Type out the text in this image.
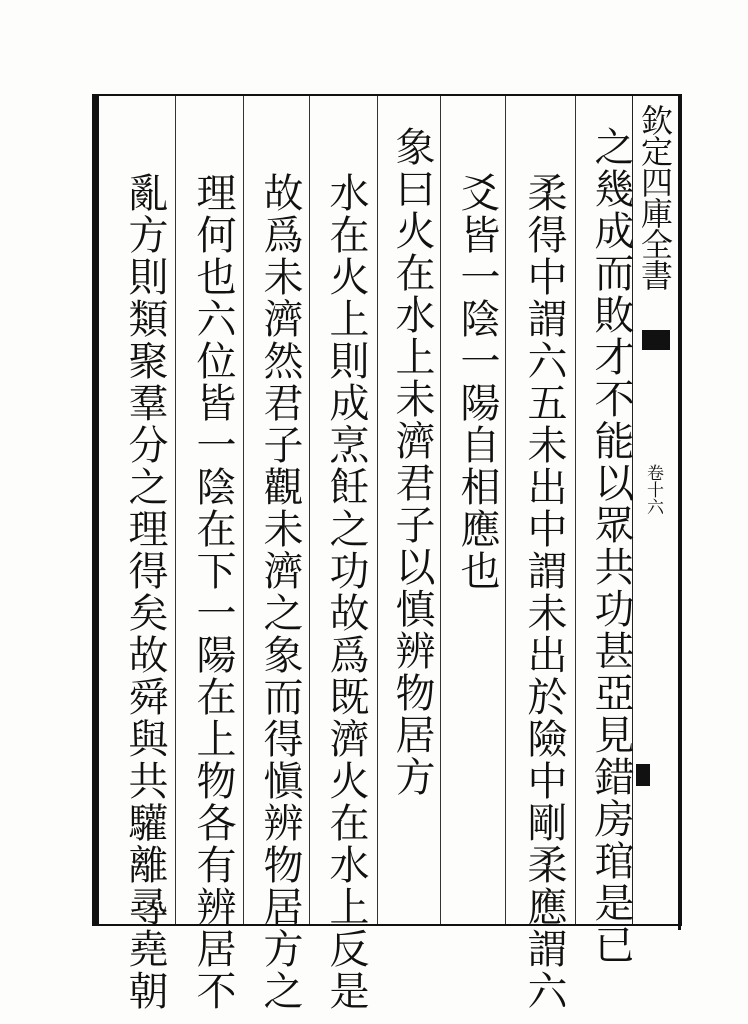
欽定四庫全書
卷十六
之幾成而敗才不能以眾共功甚亞見錯房琯是已
柔得中謂六五未出中謂未出於險中剛柔應謂六
爻皆一陰一陽自相應也
象曰火在水上未濟君子以慎辨物居方
水在火上則成烹飪之功故爲既濟火在水上反是
故爲未濟然君子觀未濟之象而得愼辨物居方之
理何也六位皆一陰在下一陽在上物各有辨居不
亂方則類聚羣分之理得矣故舜與共驩離㝷堯朝
